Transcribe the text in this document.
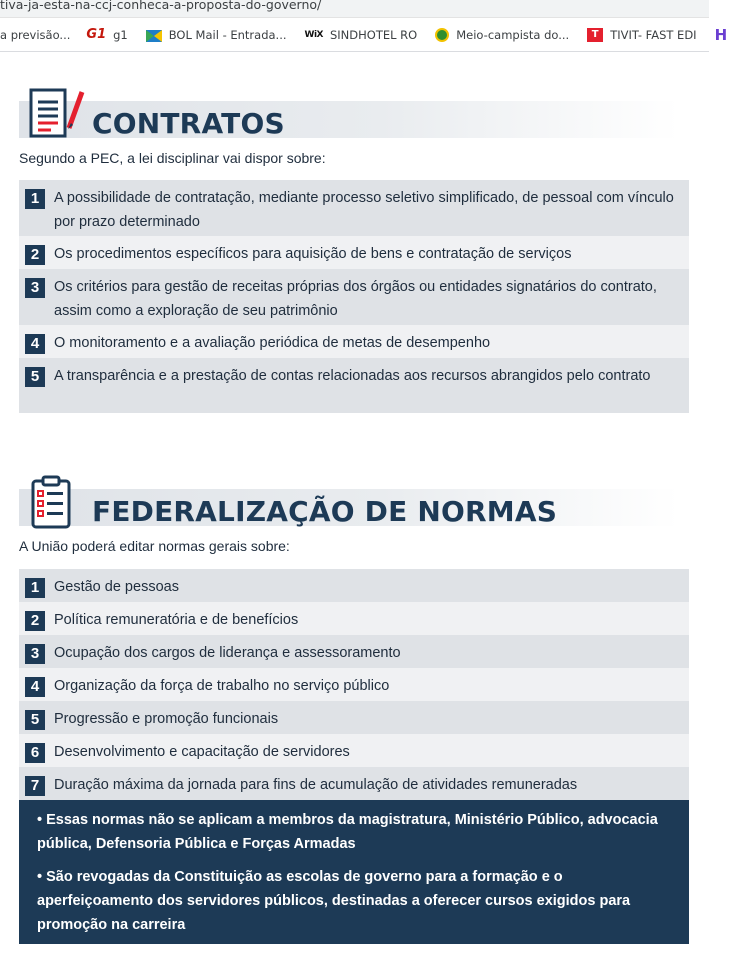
tiva-ja-esta-na-ccj-conheca-a-proposta-do-governo/
a previsão... G1 g1	BOL Mail - Entrada... WiX SINDHOTEL RO	Meio-campista do...	T	TIVIT- FAST EDI H
CONTRATOS
Segundo a PEC, a lei disciplinar vai dispor sobre:
1	A possibilidade de contratação, mediante processo seletivo simplificado, de pessoal com vínculo por prazo determinado
2	Os procedimentos específicos para aquisição de bens e contratação de serviços
3	Os critérios para gestão de receitas próprias dos órgãos ou entidades signatários do contrato, assim como a exploração de seu patrimônio
4	O monitoramento e a avaliação periódica de metas de desempenho
5	A transparência e a prestação de contas relacionadas aos recursos abrangidos pelo contrato
FEDERALIZAÇÃO DE NORMAS
A União poderá editar normas gerais sobre:
1	Gestão de pessoas
2	Política remuneratória e de benefícios
3	Ocupação dos cargos de liderança e assessoramento
4	Organização da força de trabalho no serviço público
5	Progressão e promoção funcionais
6	Desenvolvimento e capacitação de servidores
7	Duração máxima da jornada para fins de acumulação de atividades remuneradas
• Essas normas não se aplicam a membros da magistratura, Ministério Público, advocacia pública, Defensoria Pública e Forças Armadas
• São revogadas da Constituição as escolas de governo para a formação e o aperfeiçoamento dos servidores públicos, destinadas a oferecer cursos exigidos para promoção na carreira
